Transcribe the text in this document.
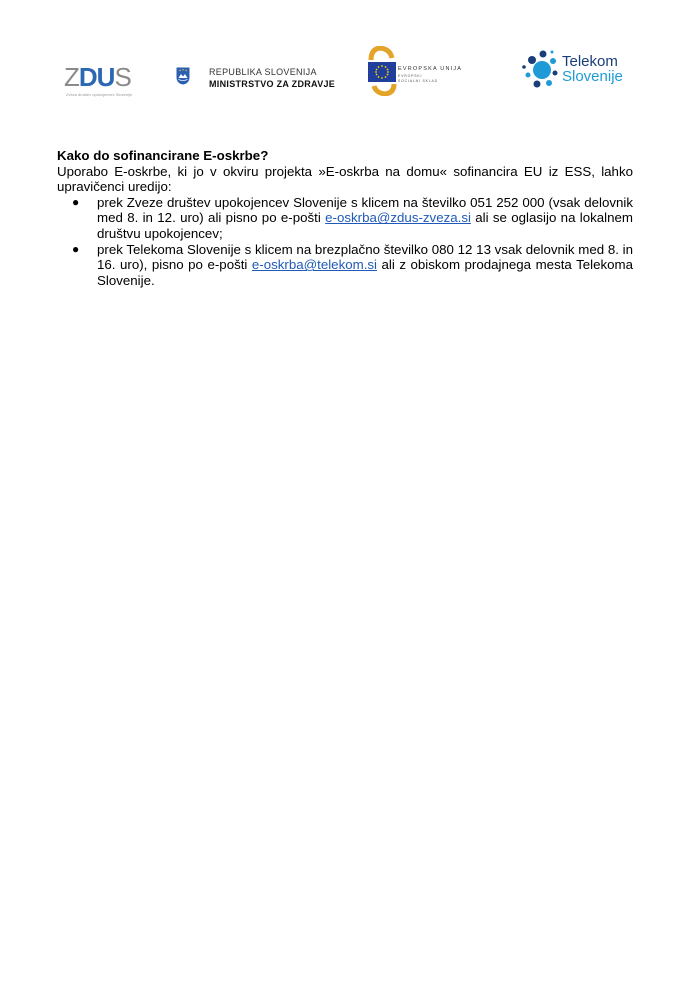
ZDUS
Zveza društev upokojencev Slovenije
REPUBLIKA SLOVENIJA
MINISTRSTVO ZA ZDRAVJE
EVROPSKA UNIJA
EVROPSKI
SOCIALNI SKLAD
Telekom
Slovenije
Kako do sofinancirane E-oskrbe?

Uporabo E-oskrbe, ki jo v okviru projekta »E-oskrba na domu« sofinancira EU iz ESS, lahko upravičenci uredijo:

● prek Zveze društev upokojencev Slovenije s klicem na številko 051 252 000 (vsak delovnik med 8. in 12. uro) ali pisno po e-pošti e-oskrba@zdus-zveza.si ali se oglasijo na lokalnem društvu upokojencev;
● prek Telekoma Slovenije s klicem na brezplačno številko 080 12 13 vsak delovnik med 8. in 16. uro), pisno po e-pošti e-oskrba@telekom.si ali z obiskom prodajnega mesta Telekoma Slovenije.
